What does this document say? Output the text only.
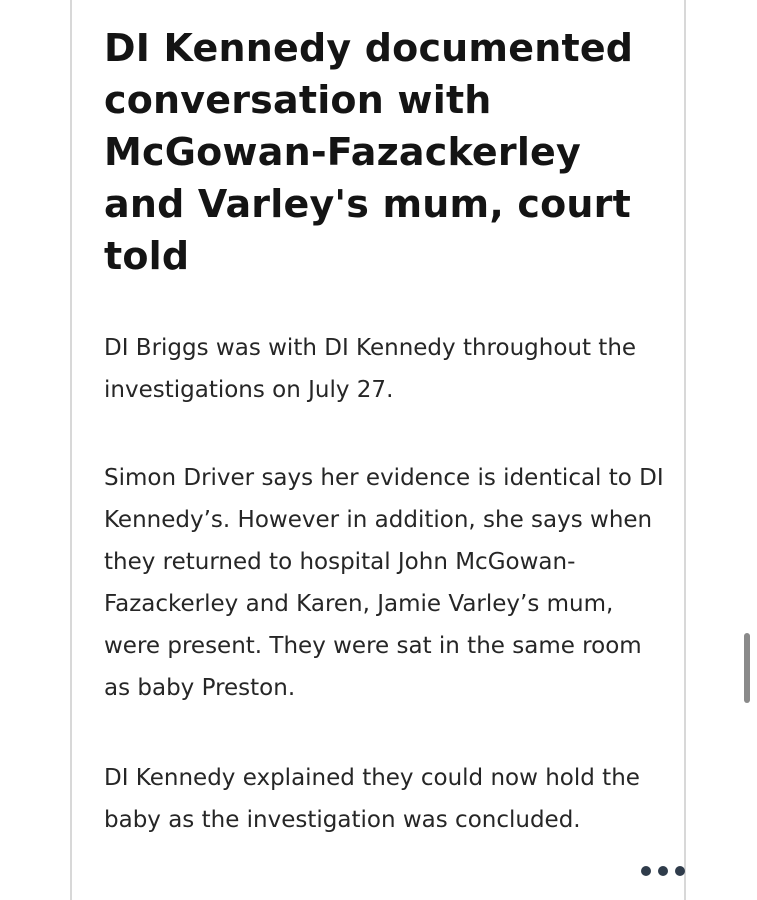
DI Kennedy documented conversation with McGowan-Fazackerley and Varley's mum, court told

DI Briggs was with DI Kennedy throughout the investigations on July 27.

Simon Driver says her evidence is identical to DI Kennedy’s. However in addition, she says when they returned to hospital John McGowan-Fazackerley and Karen, Jamie Varley’s mum, were present. They were sat in the same room as baby Preston.

DI Kennedy explained they could now hold the baby as the investigation was concluded.
